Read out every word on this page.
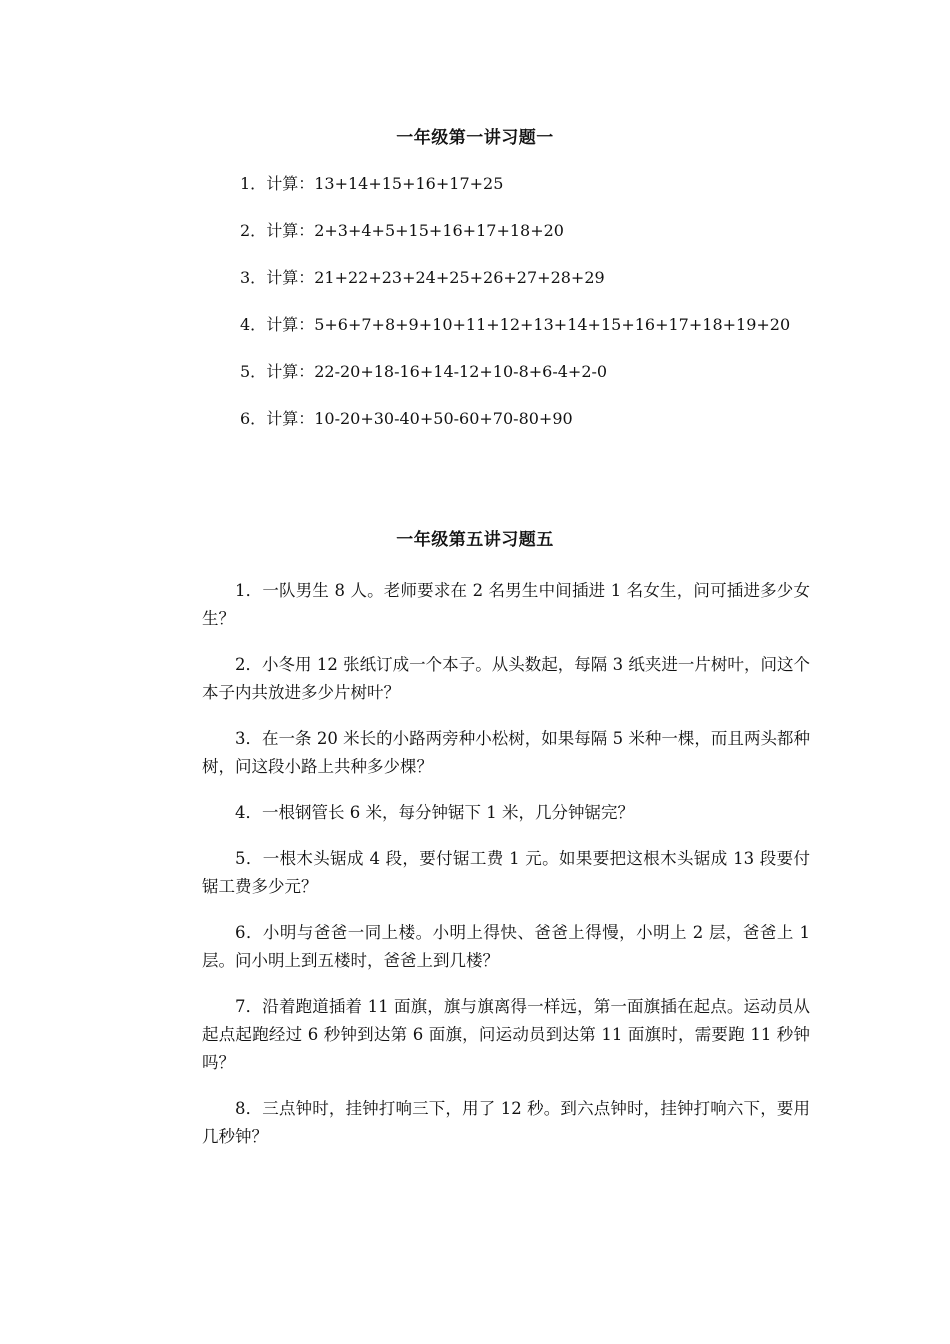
一年级第一讲习题一
1．计算：13+14+15+16+17+25
2．计算：2+3+4+5+15+16+17+18+20
3．计算：21+22+23+24+25+26+27+28+29
4．计算：5+6+7+8+9+10+11+12+13+14+15+16+17+18+19+20
5．计算：22-20+18-16+14-12+10-8+6-4+2-0
6．计算：10-20+30-40+50-60+70-80+90
一年级第五讲习题五

1．一队男生 8 人。老师要求在 2 名男生中间插进 1 名女生，问可插进多少女生？

2．小冬用 12 张纸订成一个本子。从头数起，每隔 3 纸夹进一片树叶，问这个本子内共放进多少片树叶？

3．在一条 20 米长的小路两旁种小松树，如果每隔 5 米种一棵，而且两头都种树，问这段小路上共种多少棵？

4．一根钢管长 6 米，每分钟锯下 1 米，几分钟锯完？

5．一根木头锯成 4 段，要付锯工费 1 元。如果要把这根木头锯成 13 段要付锯工费多少元？

6．小明与爸爸一同上楼。小明上得快、爸爸上得慢，小明上 2 层，爸爸上 1 层。问小明上到五楼时，爸爸上到几楼？

7．沿着跑道插着 11 面旗，旗与旗离得一样远，第一面旗插在起点。运动员从起点起跑经过 6 秒钟到达第 6 面旗，问运动员到达第 11 面旗时，需要跑 11 秒钟吗？

8．三点钟时，挂钟打响三下，用了 12 秒。到六点钟时，挂钟打响六下，要用几秒钟？
